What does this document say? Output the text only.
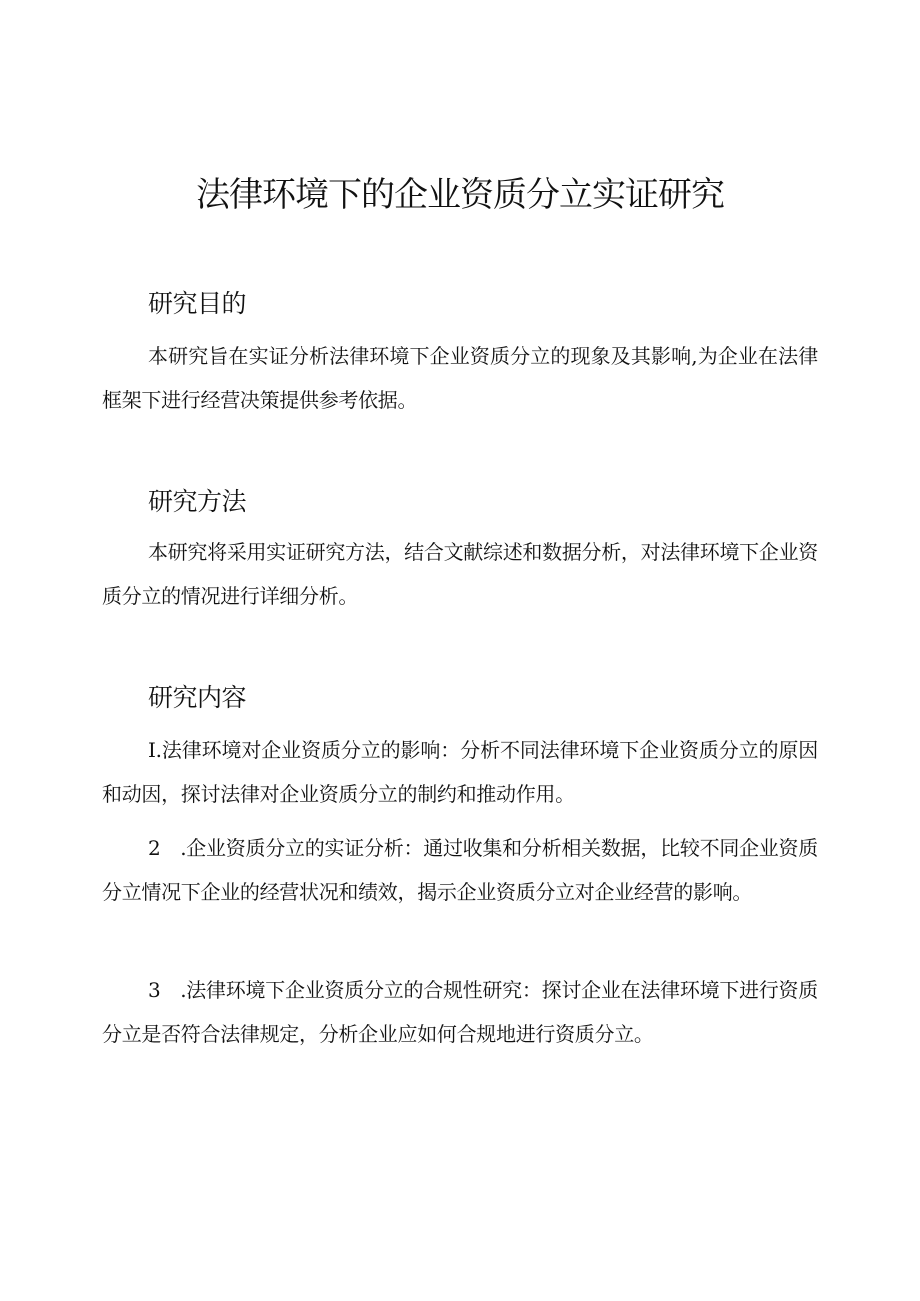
法律环境下的企业资质分立实证研究
研究目的

本研究旨在实证分析法律环境下企业资质分立的现象及其影响,为企业在法律框架下进行经营决策提供参考依据。

研究方法

本研究将采用实证研究方法，结合文献综述和数据分析，对法律环境下企业资质分立的情况进行详细分析。

研究内容

I.法律环境对企业资质分立的影响：分析不同法律环境下企业资质分立的原因和动因，探讨法律对企业资质分立的制约和推动作用。

2　.企业资质分立的实证分析：通过收集和分析相关数据，比较不同企业资质分立情况下企业的经营状况和绩效，揭示企业资质分立对企业经营的影响。

3　.法律环境下企业资质分立的合规性研究：探讨企业在法律环境下进行资质分立是否符合法律规定，分析企业应如何合规地进行资质分立。
